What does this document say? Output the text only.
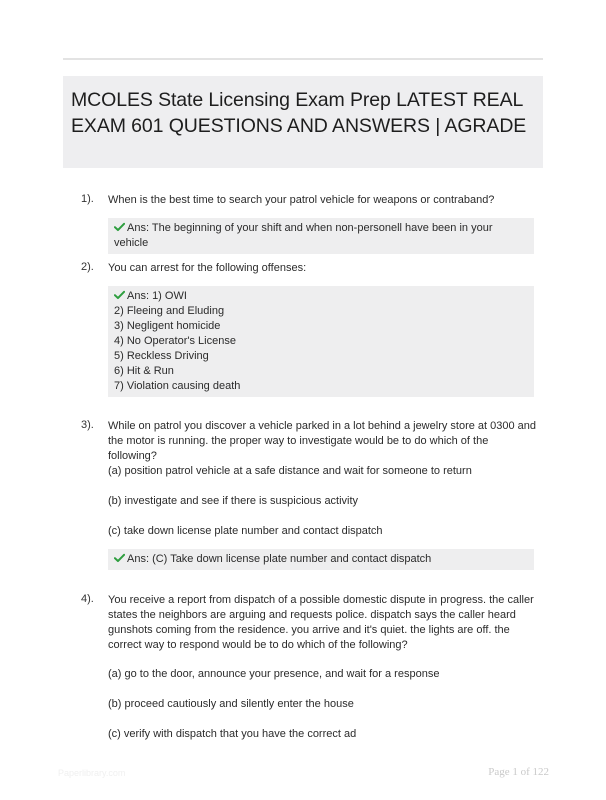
MCOLES State Licensing Exam Prep LATEST REAL EXAM 601 QUESTIONS AND ANSWERS | AGRADE
1). When is the best time to search your patrol vehicle for weapons or contraband?
Ans: The beginning of your shift and when non-personell have been in your vehicle
2). You can arrest for the following offenses:
Ans: 1) OWI
2) Fleeing and Eluding
3) Negligent homicide
4) No Operator's License
5) Reckless Driving
6) Hit & Run
7) Violation causing death
3). While on patrol you discover a vehicle parked in a lot behind a jewelry store at 0300 and the motor is running. the proper way to investigate would be to do which of the following?
(a) position patrol vehicle at a safe distance and wait for someone to return
(b) investigate and see if there is suspicious activity
(c) take down license plate number and contact dispatch
Ans: (C) Take down license plate number and contact dispatch
4). You receive a report from dispatch of a possible domestic dispute in progress. the caller states the neighbors are arguing and requests police. dispatch says the caller heard gunshots coming from the residence. you arrive and it's quiet. the lights are off. the correct way to respond would be to do which of the following?
(a) go to the door, announce your presence, and wait for a response
(b) proceed cautiously and silently enter the house
(c) verify with dispatch that you have the correct ad
Paperlibrary.com	Page 1 of 122
